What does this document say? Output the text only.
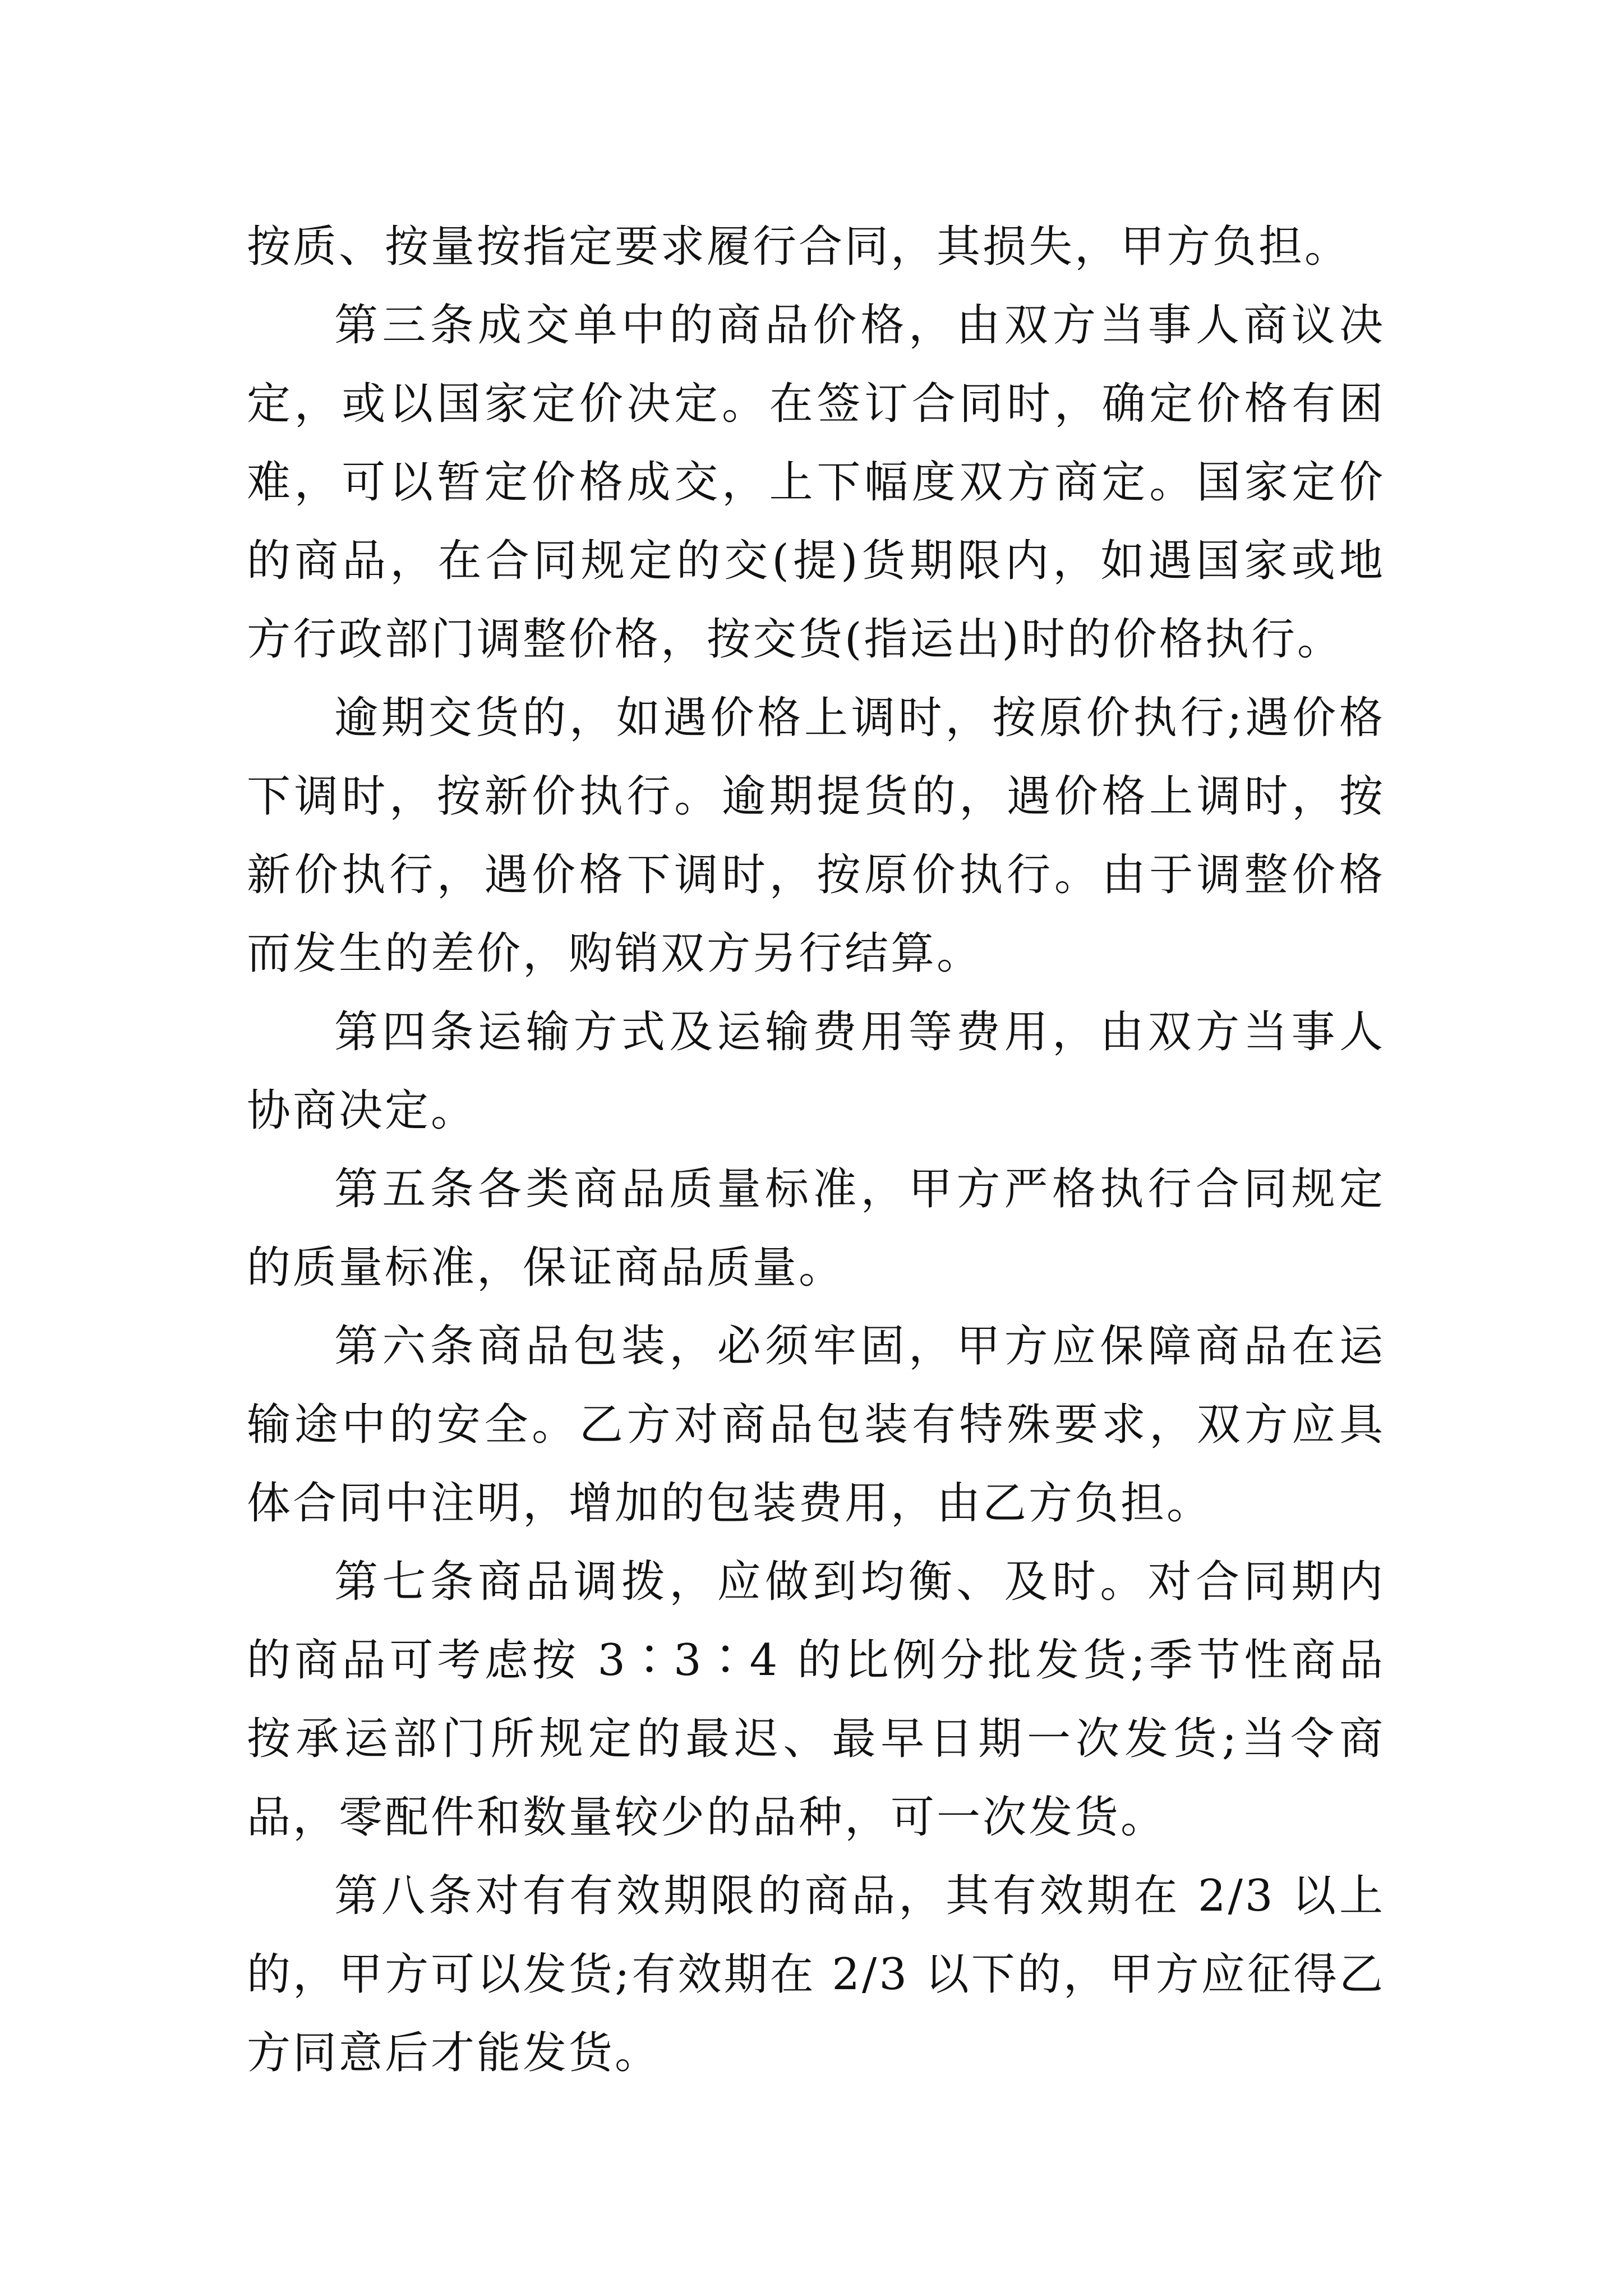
按质、按量按指定要求履行合同，其损失，甲方负担。

第三条成交单中的商品价格，由双方当事人商议决定，或以国家定价决定。在签订合同时，确定价格有困难，可以暂定价格成交，上下幅度双方商定。国家定价的商品，在合同规定的交(提)货期限内，如遇国家或地方行政部门调整价格，按交货(指运出)时的价格执行。

逾期交货的，如遇价格上调时，按原价执行;遇价格下调时，按新价执行。逾期提货的，遇价格上调时，按新价执行，遇价格下调时，按原价执行。由于调整价格而发生的差价，购销双方另行结算。

第四条运输方式及运输费用等费用，由双方当事人协商决定。

第五条各类商品质量标准，甲方严格执行合同规定的质量标准，保证商品质量。

第六条商品包装，必须牢固，甲方应保障商品在运输途中的安全。乙方对商品包装有特殊要求，双方应具体合同中注明，增加的包装费用，由乙方负担。

第七条商品调拨，应做到均衡、及时。对合同期内的商品可考虑按 3∶3∶4 的比例分批发货;季节性商品按承运部门所规定的最迟、最早日期一次发货;当令商品，零配件和数量较少的品种，可一次发货。

第八条对有有效期限的商品，其有效期在 2/3 以上的，甲方可以发货;有效期在 2/3 以下的，甲方应征得乙方同意后才能发货。
